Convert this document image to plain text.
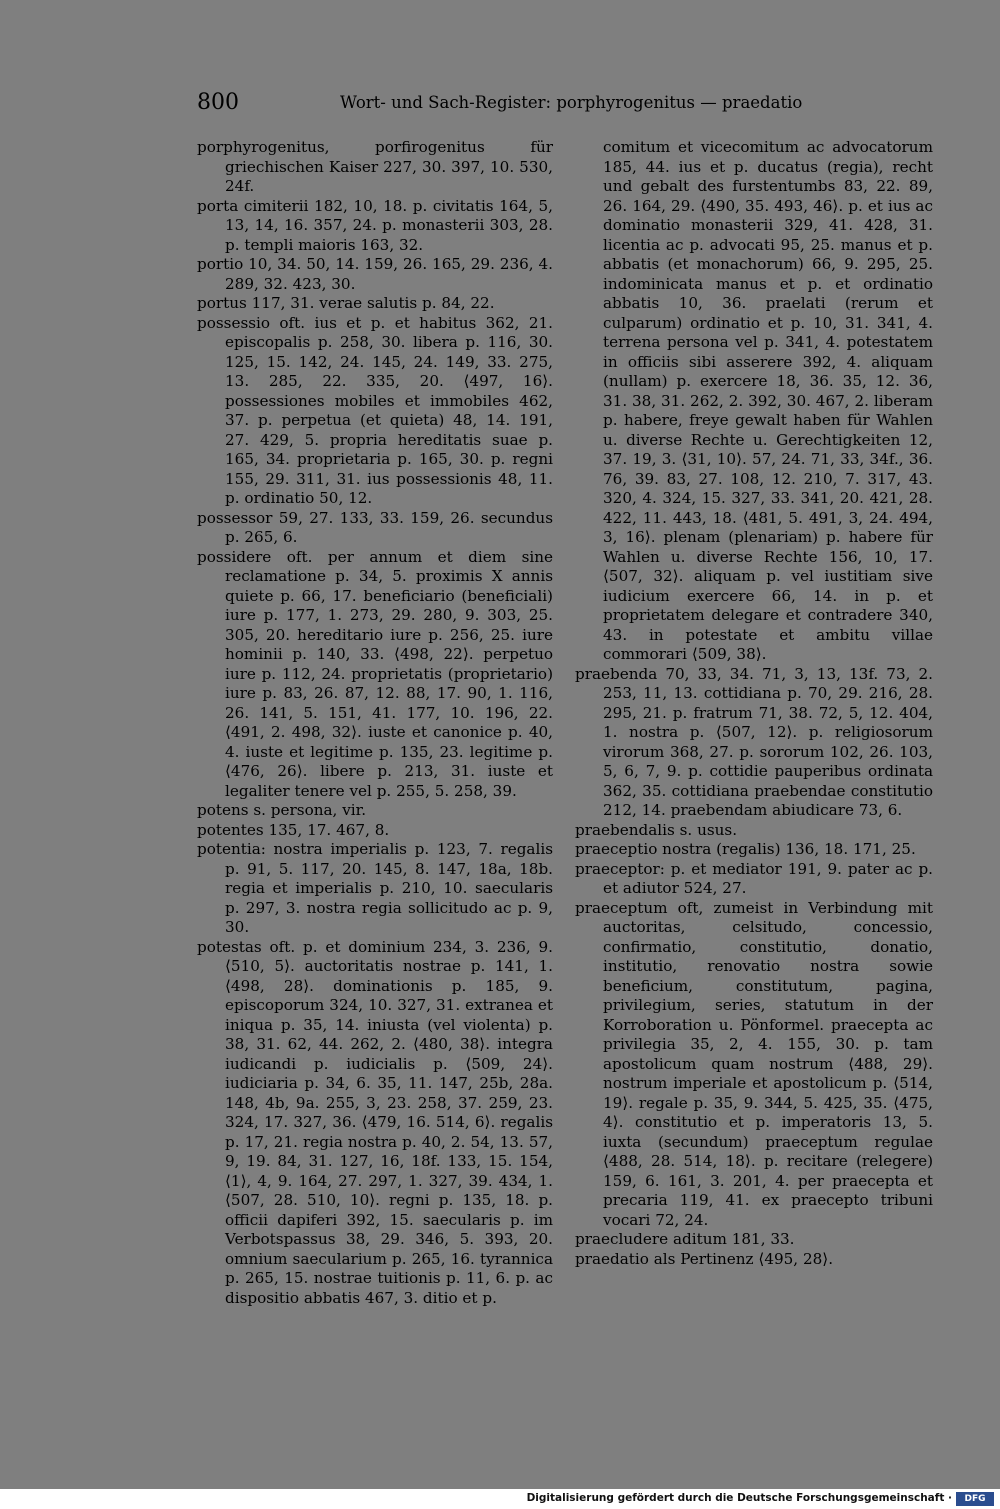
800	Wort- und Sach-Register: porphyrogenitus — praedatio

porphyrogenitus, porfirogenitus für griechischen Kaiser 227, 30. 397, 10. 530, 24f.

porta cimiterii 182, 10, 18. p. civitatis 164, 5, 13, 14, 16. 357, 24. p. monasterii 303, 28. p. templi maioris 163, 32.

portio 10, 34. 50, 14. 159, 26. 165, 29. 236, 4. 289, 32. 423, 30.

portus 117, 31. verae salutis p. 84, 22.

possessio oft. ius et p. et habitus 362, 21. episcopalis p. 258, 30. libera p. 116, 30. 125, 15. 142, 24. 145, 24. 149, 33. 275, 13. 285, 22. 335, 20. ⟨497, 16⟩. possessiones mobiles et immobiles 462, 37. p. perpetua (et quieta) 48, 14. 191, 27. 429, 5. propria hereditatis suae p. 165, 34. proprietaria p. 165, 30. p. regni 155, 29. 311, 31. ius possessionis 48, 11. p. ordinatio 50, 12.

possessor 59, 27. 133, 33. 159, 26. secundus p. 265, 6.

possidere oft. per annum et diem sine reclamatione p. 34, 5. proximis X annis quiete p. 66, 17. beneficiario (beneficiali) iure p. 177, 1. 273, 29. 280, 9. 303, 25. 305, 20. hereditario iure p. 256, 25. iure hominii p. 140, 33. ⟨498, 22⟩. perpetuo iure p. 112, 24. proprietatis (proprietario) iure p. 83, 26. 87, 12. 88, 17. 90, 1. 116, 26. 141, 5. 151, 41. 177, 10. 196, 22. ⟨491, 2. 498, 32⟩. iuste et canonice p. 40, 4. iuste et legitime p. 135, 23. legitime p. ⟨476, 26⟩. libere p. 213, 31. iuste et legaliter tenere vel p. 255, 5. 258, 39.

potens s. persona, vir.

potentes 135, 17. 467, 8.

potentia: nostra imperialis p. 123, 7. regalis p. 91, 5. 117, 20. 145, 8. 147, 18a, 18b. regia et imperialis p. 210, 10. saecularis p. 297, 3. nostra regia sollicitudo ac p. 9, 30.

potestas oft. p. et dominium 234, 3. 236, 9. ⟨510, 5⟩. auctoritatis nostrae p. 141, 1. ⟨498, 28⟩. dominationis p. 185, 9. episcoporum 324, 10. 327, 31. extranea et iniqua p. 35, 14. iniusta (vel violenta) p. 38, 31. 62, 44. 262, 2. ⟨480, 38⟩. integra iudicandi p. iudicialis p. ⟨509, 24⟩. iudiciaria p. 34, 6. 35, 11. 147, 25b, 28a. 148, 4b, 9a. 255, 3, 23. 258, 37. 259, 23. 324, 17. 327, 36. ⟨479, 16. 514, 6⟩. regalis p. 17, 21. regia nostra p. 40, 2. 54, 13. 57, 9, 19. 84, 31. 127, 16, 18f. 133, 15. 154, ⟨1⟩, 4, 9. 164, 27. 297, 1. 327, 39. 434, 1. ⟨507, 28. 510, 10⟩. regni p. 135, 18. p. officii dapiferi 392, 15. saecularis p. im Verbotspassus 38, 29. 346, 5. 393, 20. omnium saecularium p. 265, 16. tyrannica p. 265, 15. nostrae tuitionis p. 11, 6. p. ac dispositio abbatis 467, 3. ditio et p.

comitum et vicecomitum ac advocatorum 185, 44. ius et p. ducatus (regia), recht und gebalt des furstentumbs 83, 22. 89, 26. 164, 29. ⟨490, 35. 493, 46⟩. p. et ius ac dominatio monasterii 329, 41. 428, 31. licentia ac p. advocati 95, 25. manus et p. abbatis (et monachorum) 66, 9. 295, 25. indominicata manus et p. et ordinatio abbatis 10, 36. praelati (rerum et culparum) ordinatio et p. 10, 31. 341, 4. terrena persona vel p. 341, 4. potestatem in officiis sibi asserere 392, 4. aliquam (nullam) p. exercere 18, 36. 35, 12. 36, 31. 38, 31. 262, 2. 392, 30. 467, 2. liberam p. habere, freye gewalt haben für Wahlen u. diverse Rechte u. Gerechtigkeiten 12, 37. 19, 3. ⟨31, 10⟩. 57, 24. 71, 33, 34f., 36. 76, 39. 83, 27. 108, 12. 210, 7. 317, 43. 320, 4. 324, 15. 327, 33. 341, 20. 421, 28. 422, 11. 443, 18. ⟨481, 5. 491, 3, 24. 494, 3, 16⟩. plenam (plenariam) p. habere für Wahlen u. diverse Rechte 156, 10, 17. ⟨507, 32⟩. aliquam p. vel iustitiam sive iudicium exercere 66, 14. in p. et proprietatem delegare et contradere 340, 43. in potestate et ambitu villae commorari ⟨509, 38⟩.

praebenda 70, 33, 34. 71, 3, 13, 13f. 73, 2. 253, 11, 13. cottidiana p. 70, 29. 216, 28. 295, 21. p. fratrum 71, 38. 72, 5, 12. 404, 1. nostra p. ⟨507, 12⟩. p. religiosorum virorum 368, 27. p. sororum 102, 26. 103, 5, 6, 7, 9. p. cottidie pauperibus ordinata 362, 35. cottidiana praebendae constitutio 212, 14. praebendam abiudicare 73, 6.

praebendalis s. usus.

praeceptio nostra (regalis) 136, 18. 171, 25.

praeceptor: p. et mediator 191, 9. pater ac p. et adiutor 524, 27.

praeceptum oft, zumeist in Verbindung mit auctoritas, celsitudo, concessio, confirmatio, constitutio, donatio, institutio, renovatio nostra sowie beneficium, constitutum, pagina, privilegium, series, statutum in der Korroboration u. Pönformel. praecepta ac privilegia 35, 2, 4. 155, 30. p. tam apostolicum quam nostrum ⟨488, 29⟩. nostrum imperiale et apostolicum p. ⟨514, 19⟩. regale p. 35, 9. 344, 5. 425, 35. ⟨475, 4⟩. constitutio et p. imperatoris 13, 5. iuxta (secundum) praeceptum regulae ⟨488, 28. 514, 18⟩. p. recitare (relegere) 159, 6. 161, 3. 201, 4. per praecepta et precaria 119, 41. ex praecepto tribuni vocari 72, 24.

praecludere aditum 181, 33.

praedatio als Pertinenz ⟨495, 28⟩.

Digitalisierung gefördert durch die Deutsche Forschungsgemeinschaft ·	DFG
